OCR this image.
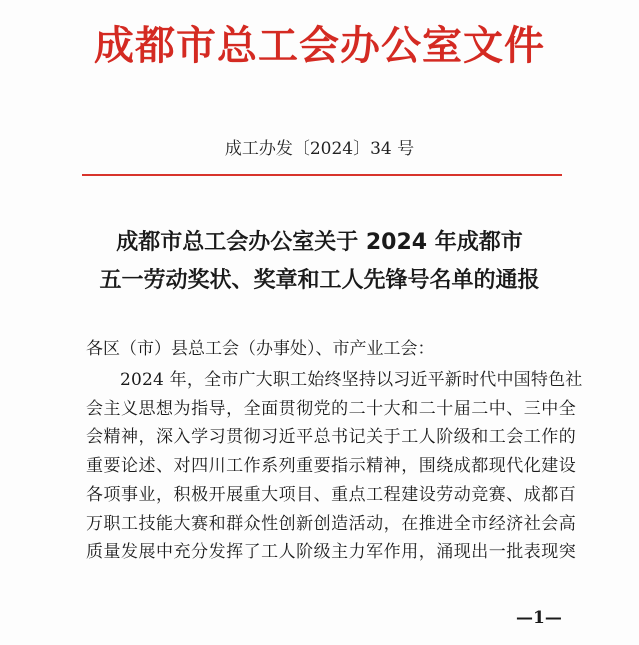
成都市总工会办公室文件
成工办发〔2024〕34 号
成都市总工会办公室关于 2024 年成都市
五一劳动奖状、奖章和工人先锋号名单的通报
各区（市）县总工会（办事处）、市产业工会：
2024 年，全市广大职工始终坚持以习近平新时代中国特色社
会主义思想为指导，全面贯彻党的二十大和二十届二中、三中全
会精神，深入学习贯彻习近平总书记关于工人阶级和工会工作的
重要论述、对四川工作系列重要指示精神，围绕成都现代化建设
各项事业，积极开展重大项目、重点工程建设劳动竞赛、成都百
万职工技能大赛和群众性创新创造活动，在推进全市经济社会高
质量发展中充分发挥了工人阶级主力军作用，涌现出一批表现突
—1—
